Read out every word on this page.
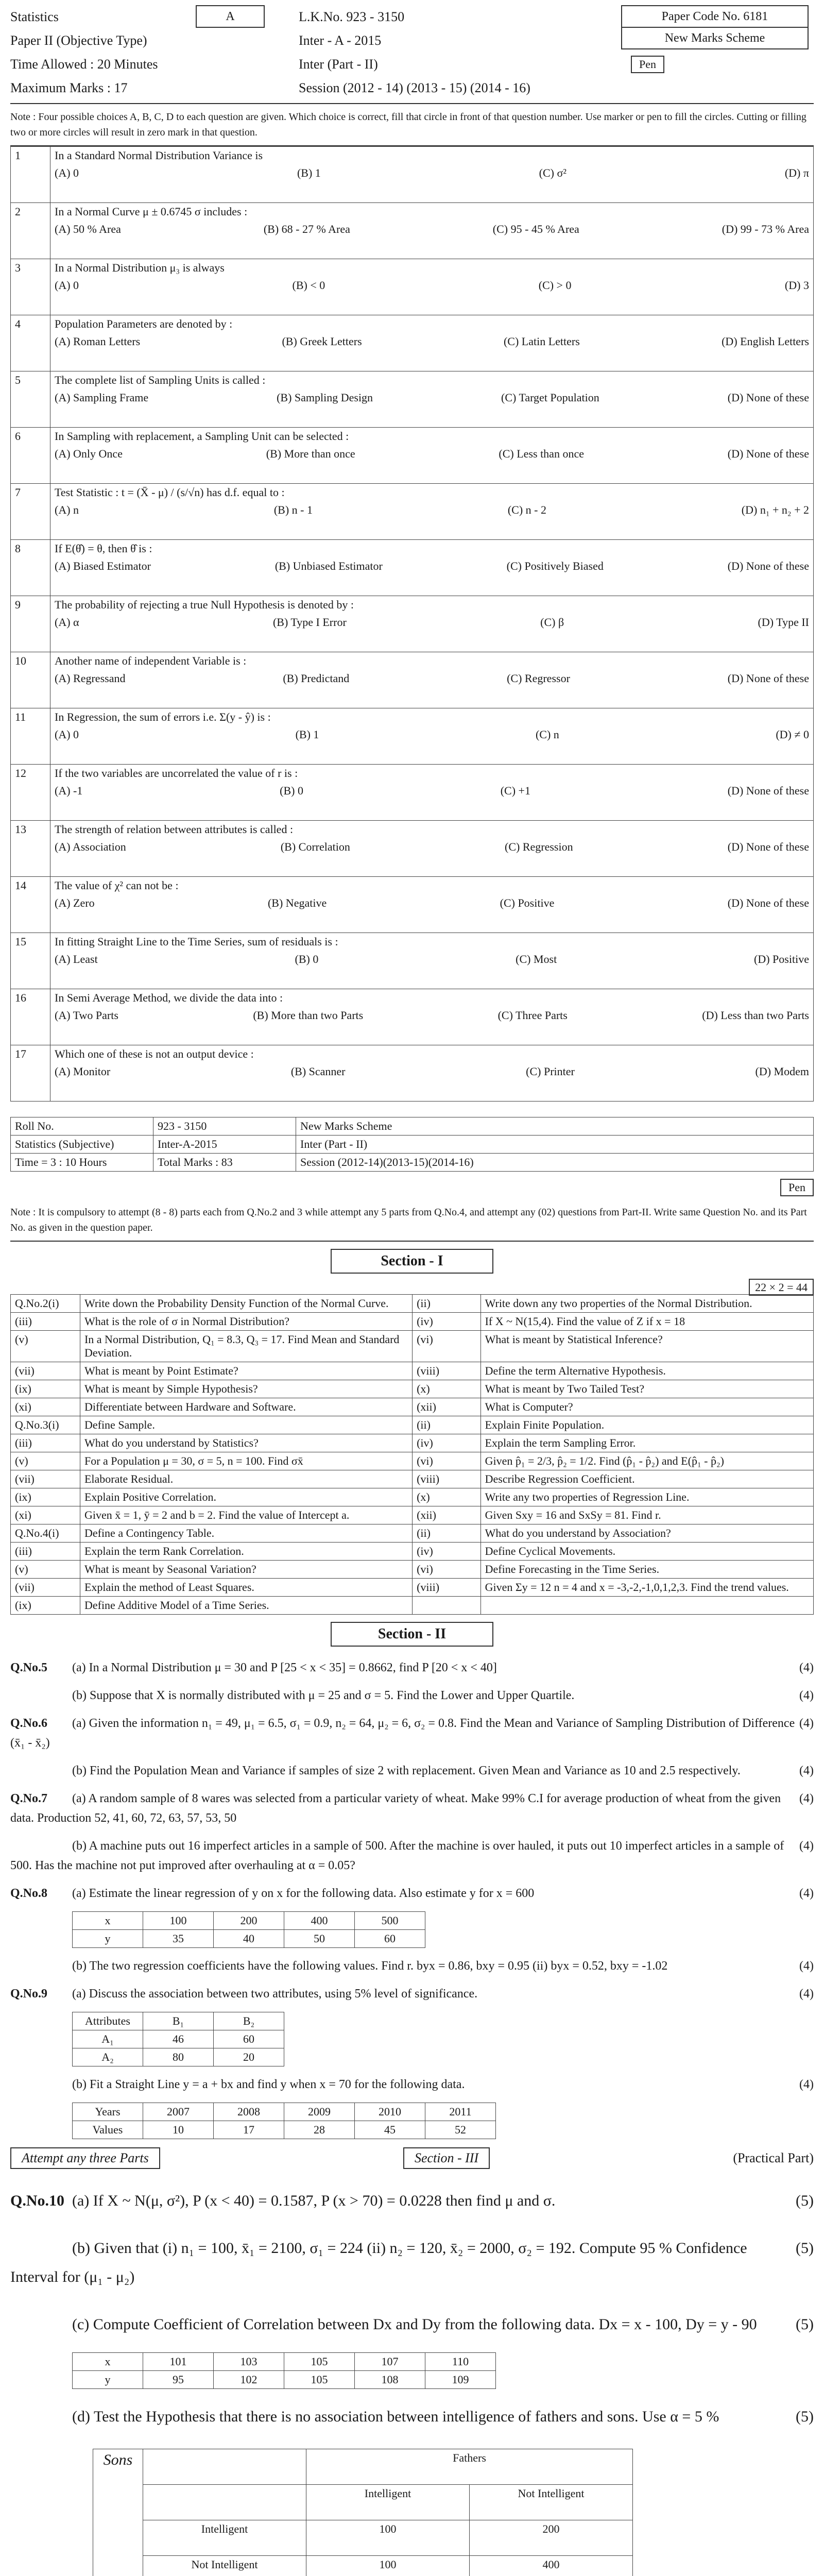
Statistics
Paper II (Objective Type)
Time Allowed : 20 Minutes
Maximum Marks : 17
A	L.K.No. 923 - 3150
Inter - A - 2015
Inter (Part - II)
Session (2012 - 14) (2013 - 15) (2014 - 16)
Paper Code No. 6181
New Marks Scheme
Pen
Note : Four possible choices A, B, C, D to each question are given. Which choice is correct, fill that circle in front of that question number. Use marker or pen to fill the circles. Cutting or filling two or more circles will result in zero mark in that question.
1	In a Standard Normal Distribution Variance is
(A) 0 (B) 1 (C) σ² (D) π

2	In a Normal Curve μ ± 0.6745 σ includes :
(A) 50 % Area (B) 68 - 27 % Area (C) 95 - 45 % Area (D) 99 - 73 % Area

3	In a Normal Distribution μ₃ is always
(A) 0 (B) < 0 (C) > 0 (D) 3

4	Population Parameters are denoted by :
(A) Roman Letters (B) Greek Letters (C) Latin Letters (D) English Letters

5	The complete list of Sampling Units is called :
(A) Sampling Frame (B) Sampling Design (C) Target Population (D) None of these

6	In Sampling with replacement, a Sampling Unit can be selected :
(A) Only Once (B) More than once (C) Less than once (D) None of these

7	Test Statistic : t = (X̄ - μ) / (s/√n) has d.f. equal to :
(A) n (B) n - 1 (C) n - 2 (D) n₁ + n₂ + 2

8	If E(θ̂) = θ, then θ̂ is :
(A) Biased Estimator (B) Unbiased Estimator (C) Positively Biased (D) None of these

9	The probability of rejecting a true Null Hypothesis is denoted by :
(A) α (B) Type I Error (C) β (D) Type II

10	Another name of independent Variable is :
(A) Regressand (B) Predictand (C) Regressor (D) None of these

11	In Regression, the sum of errors i.e. Σ(y - ŷ) is :
(A) 0 (B) 1 (C) n (D) ≠ 0

12	If the two variables are uncorrelated the value of r is :
(A) -1 (B) 0 (C) +1 (D) None of these

13	The strength of relation between attributes is called :
(A) Association (B) Correlation (C) Regression (D) None of these

14	The value of χ² can not be :
(A) Zero (B) Negative (C) Positive (D) None of these

15	In fitting Straight Line to the Time Series, sum of residuals is :
(A) Least (B) 0 (C) Most (D) Positive

16	In Semi Average Method, we divide the data into :
(A) Two Parts (B) More than two Parts (C) Three Parts (D) Less than two Parts

17	Which one of these is not an output device :
(A) Monitor (B) Scanner (C) Printer (D) Modem
Roll No.	923 - 3150	New Marks Scheme
Statistics (Subjective)	Inter-A-2015	Inter (Part - II)
Time = 3 : 10 Hours	Total Marks : 83	Session (2012-14)(2013-15)(2014-16)
Pen
Note : It is compulsory to attempt (8 - 8) parts each from Q.No.2 and 3 while attempt any 5 parts from Q.No.4, and attempt any (02) questions from Part-II. Write same Question No. and its Part No. as given in the question paper.
Section - I
22 × 2 = 44
Q.No.2(i)	Write down the Probability Density Function of the Normal Curve.	(ii)	Write down any two properties of the Normal Distribution.
(iii)	What is the role of σ in Normal Distribution?	(iv)	If X ~ N(15,4). Find the value of Z if x = 18
(v)	In a Normal Distribution, Q₁ = 8.3, Q₃ = 17. Find Mean and Standard Deviation.	(vi)	What is meant by Statistical Inference?
(vii)	What is meant by Point Estimate?	(viii)	Define the term Alternative Hypothesis.
(ix)	What is meant by Simple Hypothesis?	(x)	What is meant by Two Tailed Test?
(xi)	Differentiate between Hardware and Software.	(xii)	What is Computer?
Q.No.3(i)	Define Sample.	(ii)	Explain Finite Population.
(iii)	What do you understand by Statistics?	(iv)	Explain the term Sampling Error.
(v)	For a Population μ = 30, σ = 5, n = 100. Find σx̄	(vi)	Given p̂₁ = 2/3, p̂₂ = 1/2. Find (p̂₁ - p̂₂) and E(p̂₁ - p̂₂)
(vii)	Elaborate Residual.	(viii)	Describe Regression Coefficient.
(ix)	Explain Positive Correlation.	(x)	Write any two properties of Regression Line.
(xi)	Given x̄ = 1, ȳ = 2 and b = 2. Find the value of Intercept a.	(xii)	Given Sxy = 16 and SxSy = 81. Find r.
Q.No.4(i)	Define a Contingency Table.	(ii)	What do you understand by Association?
(iii)	Explain the term Rank Correlation.	(iv)	Define Cyclical Movements.
(v)	What is meant by Seasonal Variation?	(vi)	Define Forecasting in the Time Series.
(vii)	Explain the method of Least Squares.	(viii)	Given Σy = 12 n = 4 and x = -3,-2,-1,0,1,2,3. Find the trend values.
(ix)	Define Additive Model of a Time Series.		
Section - II
(4)
Q.No.5 (a) In a Normal Distribution μ = 30 and P [25 < x < 35] = 0.8662, find P [20 < x < 40]
(4)
(b) Suppose that X is normally distributed with μ = 25 and σ = 5. Find the Lower and Upper Quartile.
(4)
Q.No.6 (a) Given the information n₁ = 49, μ₁ = 6.5, σ₁ = 0.9, n₂ = 64, μ₂ = 6, σ₂ = 0.8. Find the Mean and Variance of Sampling Distribution of Difference (x̄₁ - x̄₂)
(4)
(b) Find the Population Mean and Variance if samples of size 2 with replacement. Given Mean and Variance as 10 and 2.5 respectively.
(4)
Q.No.7 (a) A random sample of 8 wares was selected from a particular variety of wheat. Make 99% C.I for average production of wheat from the given data. Production 52, 41, 60, 72, 63, 57, 53, 50
(4)
(b) A machine puts out 16 imperfect articles in a sample of 500. After the machine is over hauled, it puts out 10 imperfect articles in a sample of 500. Has the machine not put improved after overhauling at α = 0.05?
(4)
Q.No.8 (a) Estimate the linear regression of y on x for the following data. Also estimate y for x = 600
x	100	200	400	500
y	35	40	50	60
(4)
(b) The two regression coefficients have the following values. Find r. byx = 0.86, bxy = 0.95 (ii) byx = 0.52, bxy = -1.02
(4)
Q.No.9 (a) Discuss the association between two attributes, using 5% level of significance.
Attributes	B₁	B₂
A₁	46	60
A₂	80	20
(4)
(b) Fit a Straight Line y = a + bx and find y when x = 70 for the following data.
Years	2007	2008	2009	2010	2011
Values	10	17	28	45	52
Attempt any three Parts	Section - III	(Practical Part)
(5)
Q.No.10 (a) If X ~ N(μ, σ²), P (x < 40) = 0.1587, P (x > 70) = 0.0228 then find μ and σ.
(5)
(b) Given that (i) n₁ = 100, x̄₁ = 2100, σ₁ = 224 (ii) n₂ = 120, x̄₂ = 2000, σ₂ = 192. Compute 95 % Confidence Interval for (μ₁ - μ₂)
(5)
(c) Compute Coefficient of Correlation between Dx and Dy from the following data. Dx = x - 100, Dy = y - 90
x	101	103	105	107	110
y	95	102	105	108	109
(5)
(d) Test the Hypothesis that there is no association between intelligence of fathers and sons. Use α = 5 %
Sons		Fathers	
		Intelligent	Not Intelligent
	Intelligent	100	200
	Not Intelligent	100	400
